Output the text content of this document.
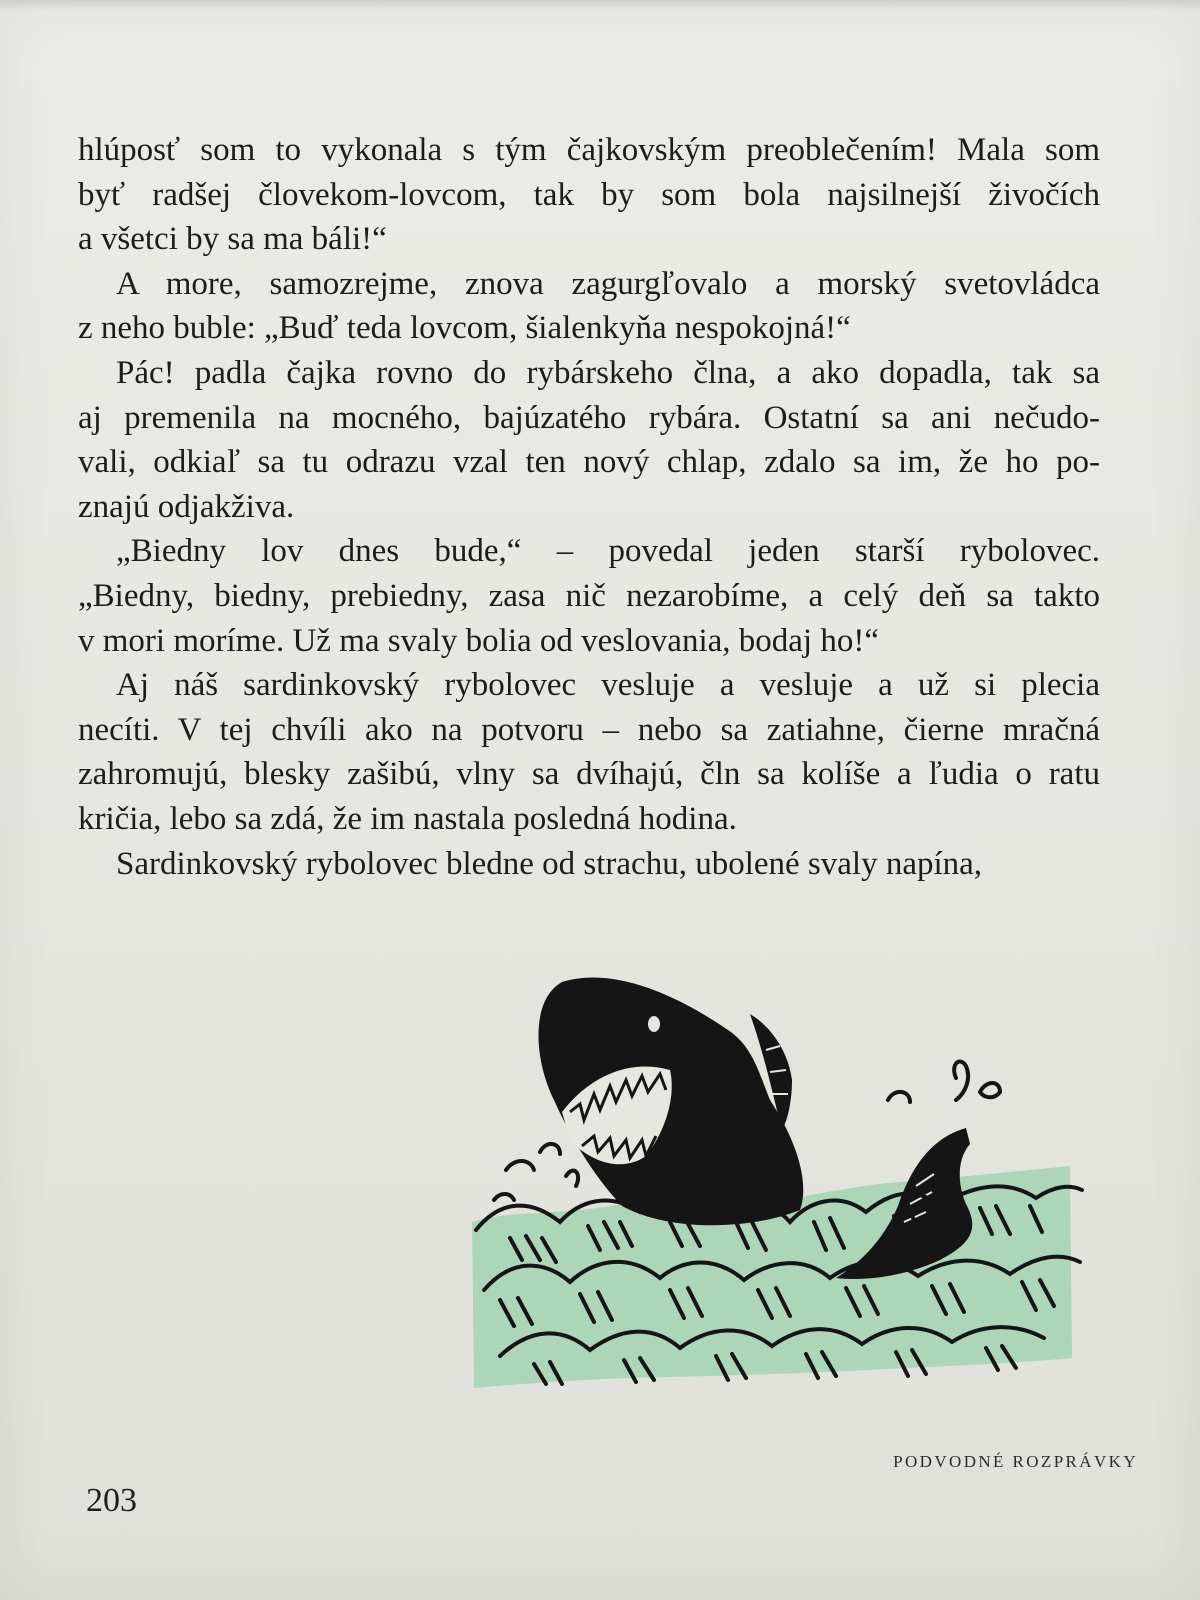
hlúposť som to vykonala s tým čajkovským preoblečením! Mala som
byť radšej človekom-lovcom, tak by som bola najsilnejší živočích
a všetci by sa ma báli!“
A more, samozrejme, znova zagurgľovalo a morský svetovládca
z neho buble: „Buď teda lovcom, šialenkyňa nespokojná!“
Pác! padla čajka rovno do rybárskeho člna, a ako dopadla, tak sa
aj premenila na mocného, bajúzatého rybára. Ostatní sa ani nečudo-
vali, odkiaľ sa tu odrazu vzal ten nový chlap, zdalo sa im, že ho po-
znajú odjakživa.
„Biedny lov dnes bude,“ – povedal jeden starší rybolovec.
„Biedny, biedny, prebiedny, zasa nič nezarobíme, a celý deň sa takto
v mori moríme. Už ma svaly bolia od veslovania, bodaj ho!“
Aj náš sardinkovský rybolovec vesluje a vesluje a už si plecia
necíti. V tej chvíli ako na potvoru – nebo sa zatiahne, čierne mračná
zahromujú, blesky zašibú, vlny sa dvíhajú, čln sa kolíše a ľudia o ratu
kričia, lebo sa zdá, že im nastala posledná hodina.
Sardinkovský rybolovec bledne od strachu, ubolené svaly napína,
PODVODNÉ ROZPRÁVKY
203
